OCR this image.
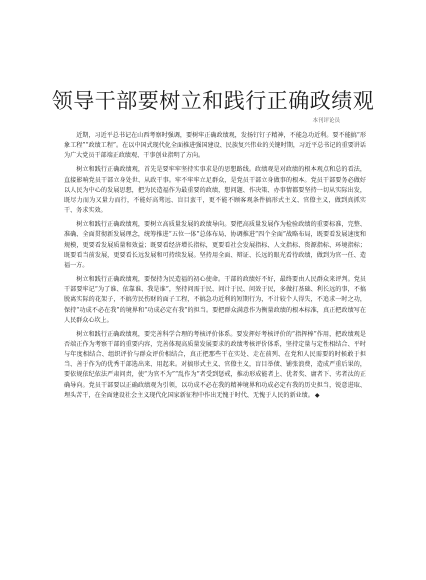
领导干部要树立和践行正确政绩观
本刊评论员

近期，习近平总书记在山西考察时强调，要树牢正确政绩观，发扬钉钉子精神，不能急功近利。要不能搞“形象工程”“政绩工程”。在以中国式现代化全面推进强国建设、民族复兴伟业的关键时期，习近平总书记的重要讲话为广大党员干部端正政绩观、干事创业指明了方向。

树立和践行正确政绩观，首先是要牢牢坚持实事求是的思想路线。政绩观是对政绩的根本观点和总的看法，直接影响党员干部立身处世、从政干事。牢不牢牢立足群众，是党员干部立身做事的根本。党员干部要务必做好以人民为中心的发展思想，把为民造福作为最重要的政绩，想问题、作决策、办事情都要坚持一切从实际出发，既尽力而为又量力而行，不能好高骛远、盲目蛮干，更不能不顾客观条件搞形式主义、官僚主义，做到真抓实干、务求实效。

树立和践行正确政绩观，要树立高质量发展的政绩导向。要把高质量发展作为检验政绩的重要标准，完整、准确、全面贯彻新发展理念，统筹推进“五位一体”总体布局、协调推进“四个全面”战略布局，既要看发展速度和规模，更要看发展质量和效益；既要看经济增长指标，更要看社会发展指标、人文指标、资源指标、环境指标；既要看当前发展，更要看长远发展和可持续发展。坚持用全面、辩证、长远的眼光看待政绩，做到为官一任、造福一方。

树立和践行正确政绩观，要保持为民造福的初心使命。干部的政绩好不好，最终要由人民群众来评判。党员干部要牢记“为了谁、依靠谁、我是谁”，坚持问需于民、问计于民、问效于民，多做打基础、利长远的事，不搞脱离实际的花架子，不搞劳民伤财的面子工程，不搞急功近利的短期行为，不计较个人得失，不追求一时之功，保持“功成不必在我”的境界和“功成必定有我”的担当。要把群众满意作为衡量政绩的根本标准，真正把政绩写在人民群众心坎上。

树立和践行正确政绩观，要完善科学合理的考核评价体系。要发挥好考核评价的“指挥棒”作用，把政绩观是否端正作为考察干部的重要内容，完善体现高质量发展要求的政绩考核评价体系，坚持定量与定性相结合、平时与年度相结合、组织评价与群众评价相结合，真正把那些干在实处、走在前列、在党和人民需要的时候敢于担当、善于作为的优秀干部选出来、用起来。对搞形式主义、官僚主义，盲目举债、铺张浪费，造成严重后果的，要依规依纪依法严肃问责，使“为官不为”“乱作为”者受到惩戒，推动形成能者上、优者奖、庸者下、劣者汰的正确导向。党员干部要以正确政绩观为引领，以功成不必在我的精神境界和功成必定有我的历史担当，锐意进取、埋头苦干，在全面建设社会主义现代化国家新征程中作出无愧于时代、无愧于人民的新业绩。◆
